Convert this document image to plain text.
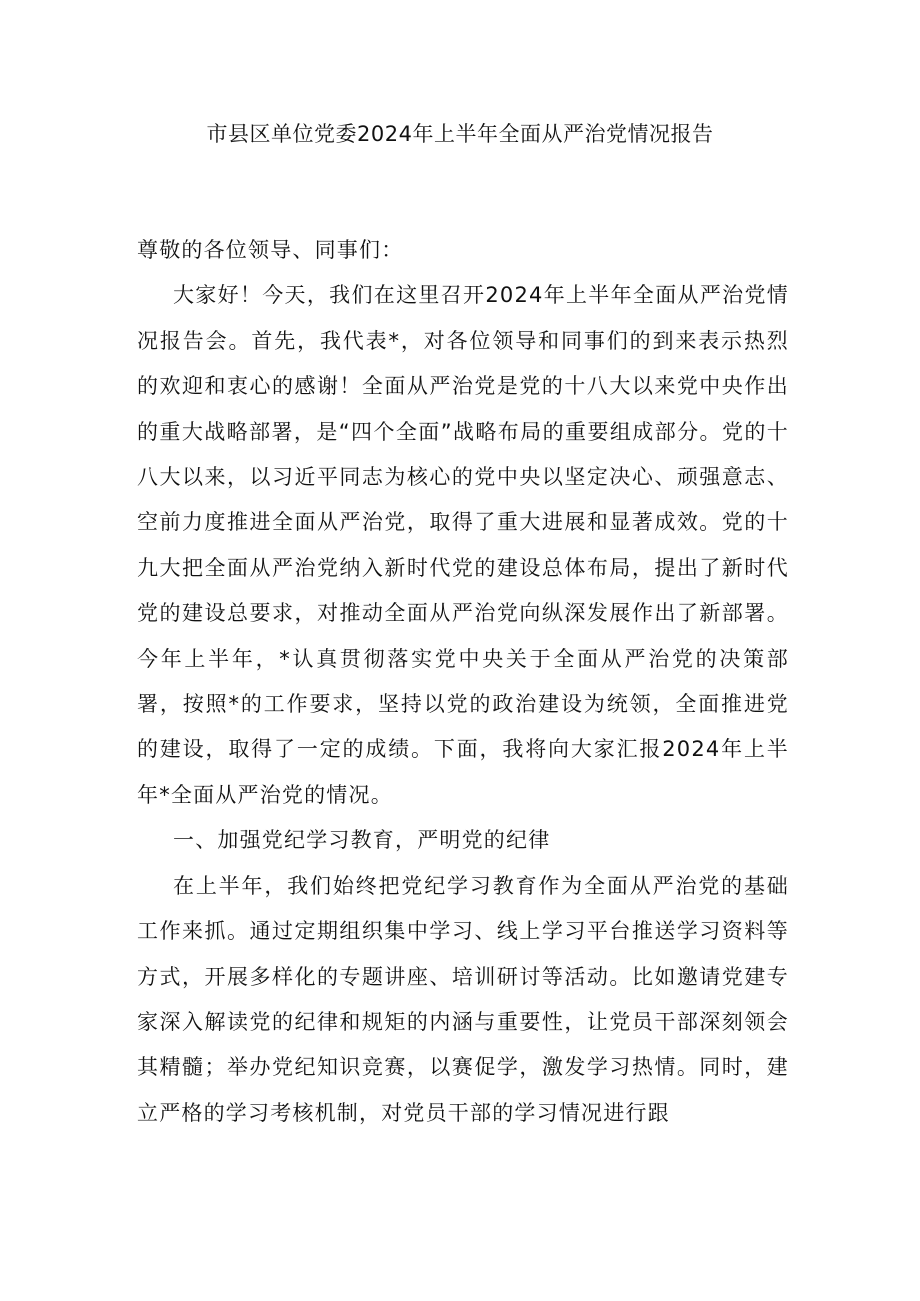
市县区单位党委2024年上半年全面从严治党情况报告

尊敬的各位领导、同事们：

大家好！今天，我们在这里召开2024年上半年全面从严治党情况报告会。首先，我代表*，对各位领导和同事们的到来表示热烈的欢迎和衷心的感谢！全面从严治党是党的十八大以来党中央作出的重大战略部署，是“四个全面”战略布局的重要组成部分。党的十八大以来，以习近平同志为核心的党中央以坚定决心、顽强意志、空前力度推进全面从严治党，取得了重大进展和显著成效。党的十九大把全面从严治党纳入新时代党的建设总体布局，提出了新时代党的建设总要求，对推动全面从严治党向纵深发展作出了新部署。今年上半年，*认真贯彻落实党中央关于全面从严治党的决策部署，按照*的工作要求，坚持以党的政治建设为统领，全面推进党的建设，取得了一定的成绩。下面，我将向大家汇报2024年上半年*全面从严治党的情况。

一、加强党纪学习教育，严明党的纪律

在上半年，我们始终把党纪学习教育作为全面从严治党的基础工作来抓。通过定期组织集中学习、线上学习平台推送学习资料等方式，开展多样化的专题讲座、培训研讨等活动。比如邀请党建专家深入解读党的纪律和规矩的内涵与重要性，让党员干部深刻领会其精髓；举办党纪知识竞赛，以赛促学，激发学习热情。同时，建立严格的学习考核机制，对党员干部的学习情况进行跟
